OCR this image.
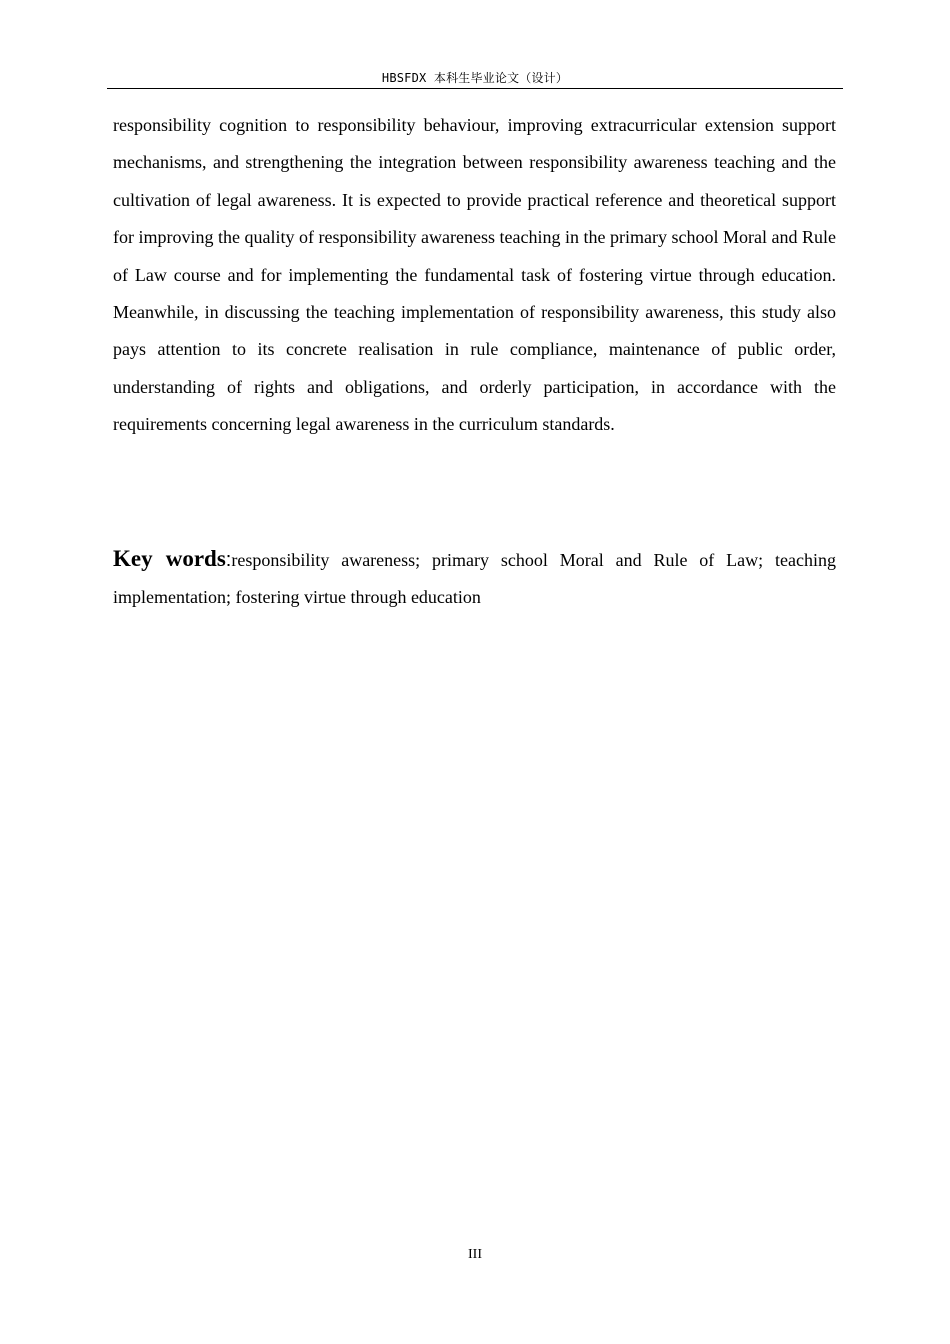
HBSFDX 本科生毕业论文（设计）

responsibility cognition to responsibility behaviour, improving extracurricular extension support mechanisms, and strengthening the integration between responsibility awareness teaching and the cultivation of legal awareness. It is expected to provide practical reference and theoretical support for improving the quality of responsibility awareness teaching in the primary school Moral and Rule of Law course and for implementing the fundamental task of fostering virtue through education. Meanwhile, in discussing the teaching implementation of responsibility awareness, this study also pays attention to its concrete realisation in rule compliance, maintenance of public order, understanding of rights and obligations, and orderly participation, in accordance with the requirements concerning legal awareness in the curriculum standards.

Key words:responsibility awareness; primary school Moral and Rule of Law; teaching implementation; fostering virtue through education

III
